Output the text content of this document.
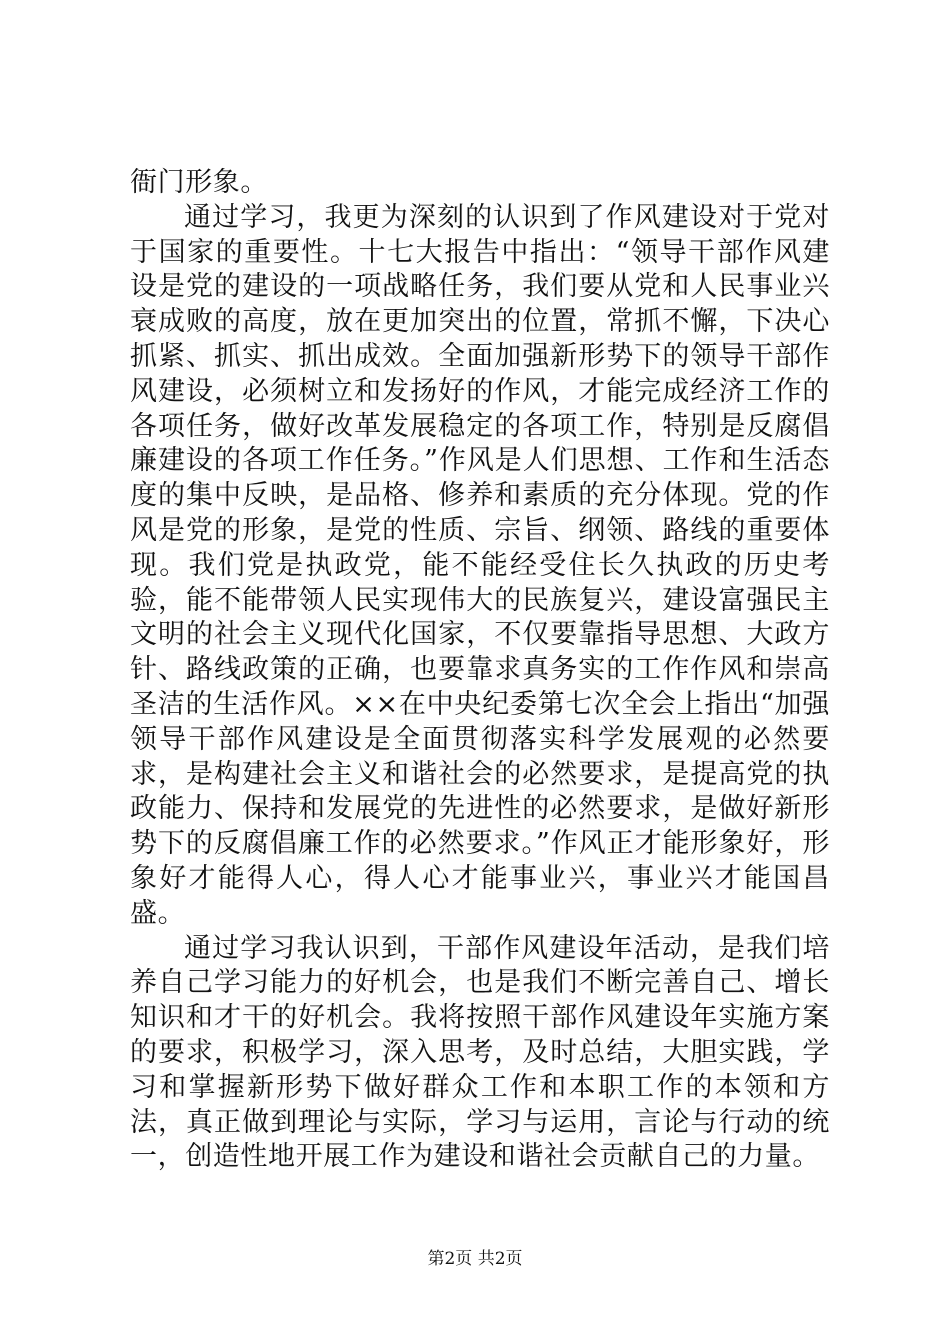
衙门形象。

通过学习，我更为深刻的认识到了作风建设对于党对于国家的重要性。十七大报告中指出：“领导干部作风建设是党的建设的一项战略任务，我们要从党和人民事业兴衰成败的高度，放在更加突出的位置，常抓不懈，下决心抓紧、抓实、抓出成效。全面加强新形势下的领导干部作风建设，必须树立和发扬好的作风，才能完成经济工作的各项任务，做好改革发展稳定的各项工作，特别是反腐倡廉建设的各项工作任务。”作风是人们思想、工作和生活态度的集中反映，是品格、修养和素质的充分体现。党的作风是党的形象，是党的性质、宗旨、纲领、路线的重要体现。我们党是执政党，能不能经受住长久执政的历史考验，能不能带领人民实现伟大的民族复兴，建设富强民主文明的社会主义现代化国家，不仅要靠指导思想、大政方针、路线政策的正确，也要靠求真务实的工作作风和崇高圣洁的生活作风。××在中央纪委第七次全会上指出“加强领导干部作风建设是全面贯彻落实科学发展观的必然要求，是构建社会主义和谐社会的必然要求，是提高党的执政能力、保持和发展党的先进性的必然要求，是做好新形势下的反腐倡廉工作的必然要求。”作风正才能形象好，形象好才能得人心，得人心才能事业兴，事业兴才能国昌盛。

通过学习我认识到，干部作风建设年活动，是我们培养自己学习能力的好机会，也是我们不断完善自己、增长知识和才干的好机会。我将按照干部作风建设年实施方案的要求，积极学习，深入思考，及时总结，大胆实践，学习和掌握新形势下做好群众工作和本职工作的本领和方法，真正做到理论与实际，学习与运用，言论与行动的统一，创造性地开展工作为建设和谐社会贡献自己的力量。

第2页 共2页
